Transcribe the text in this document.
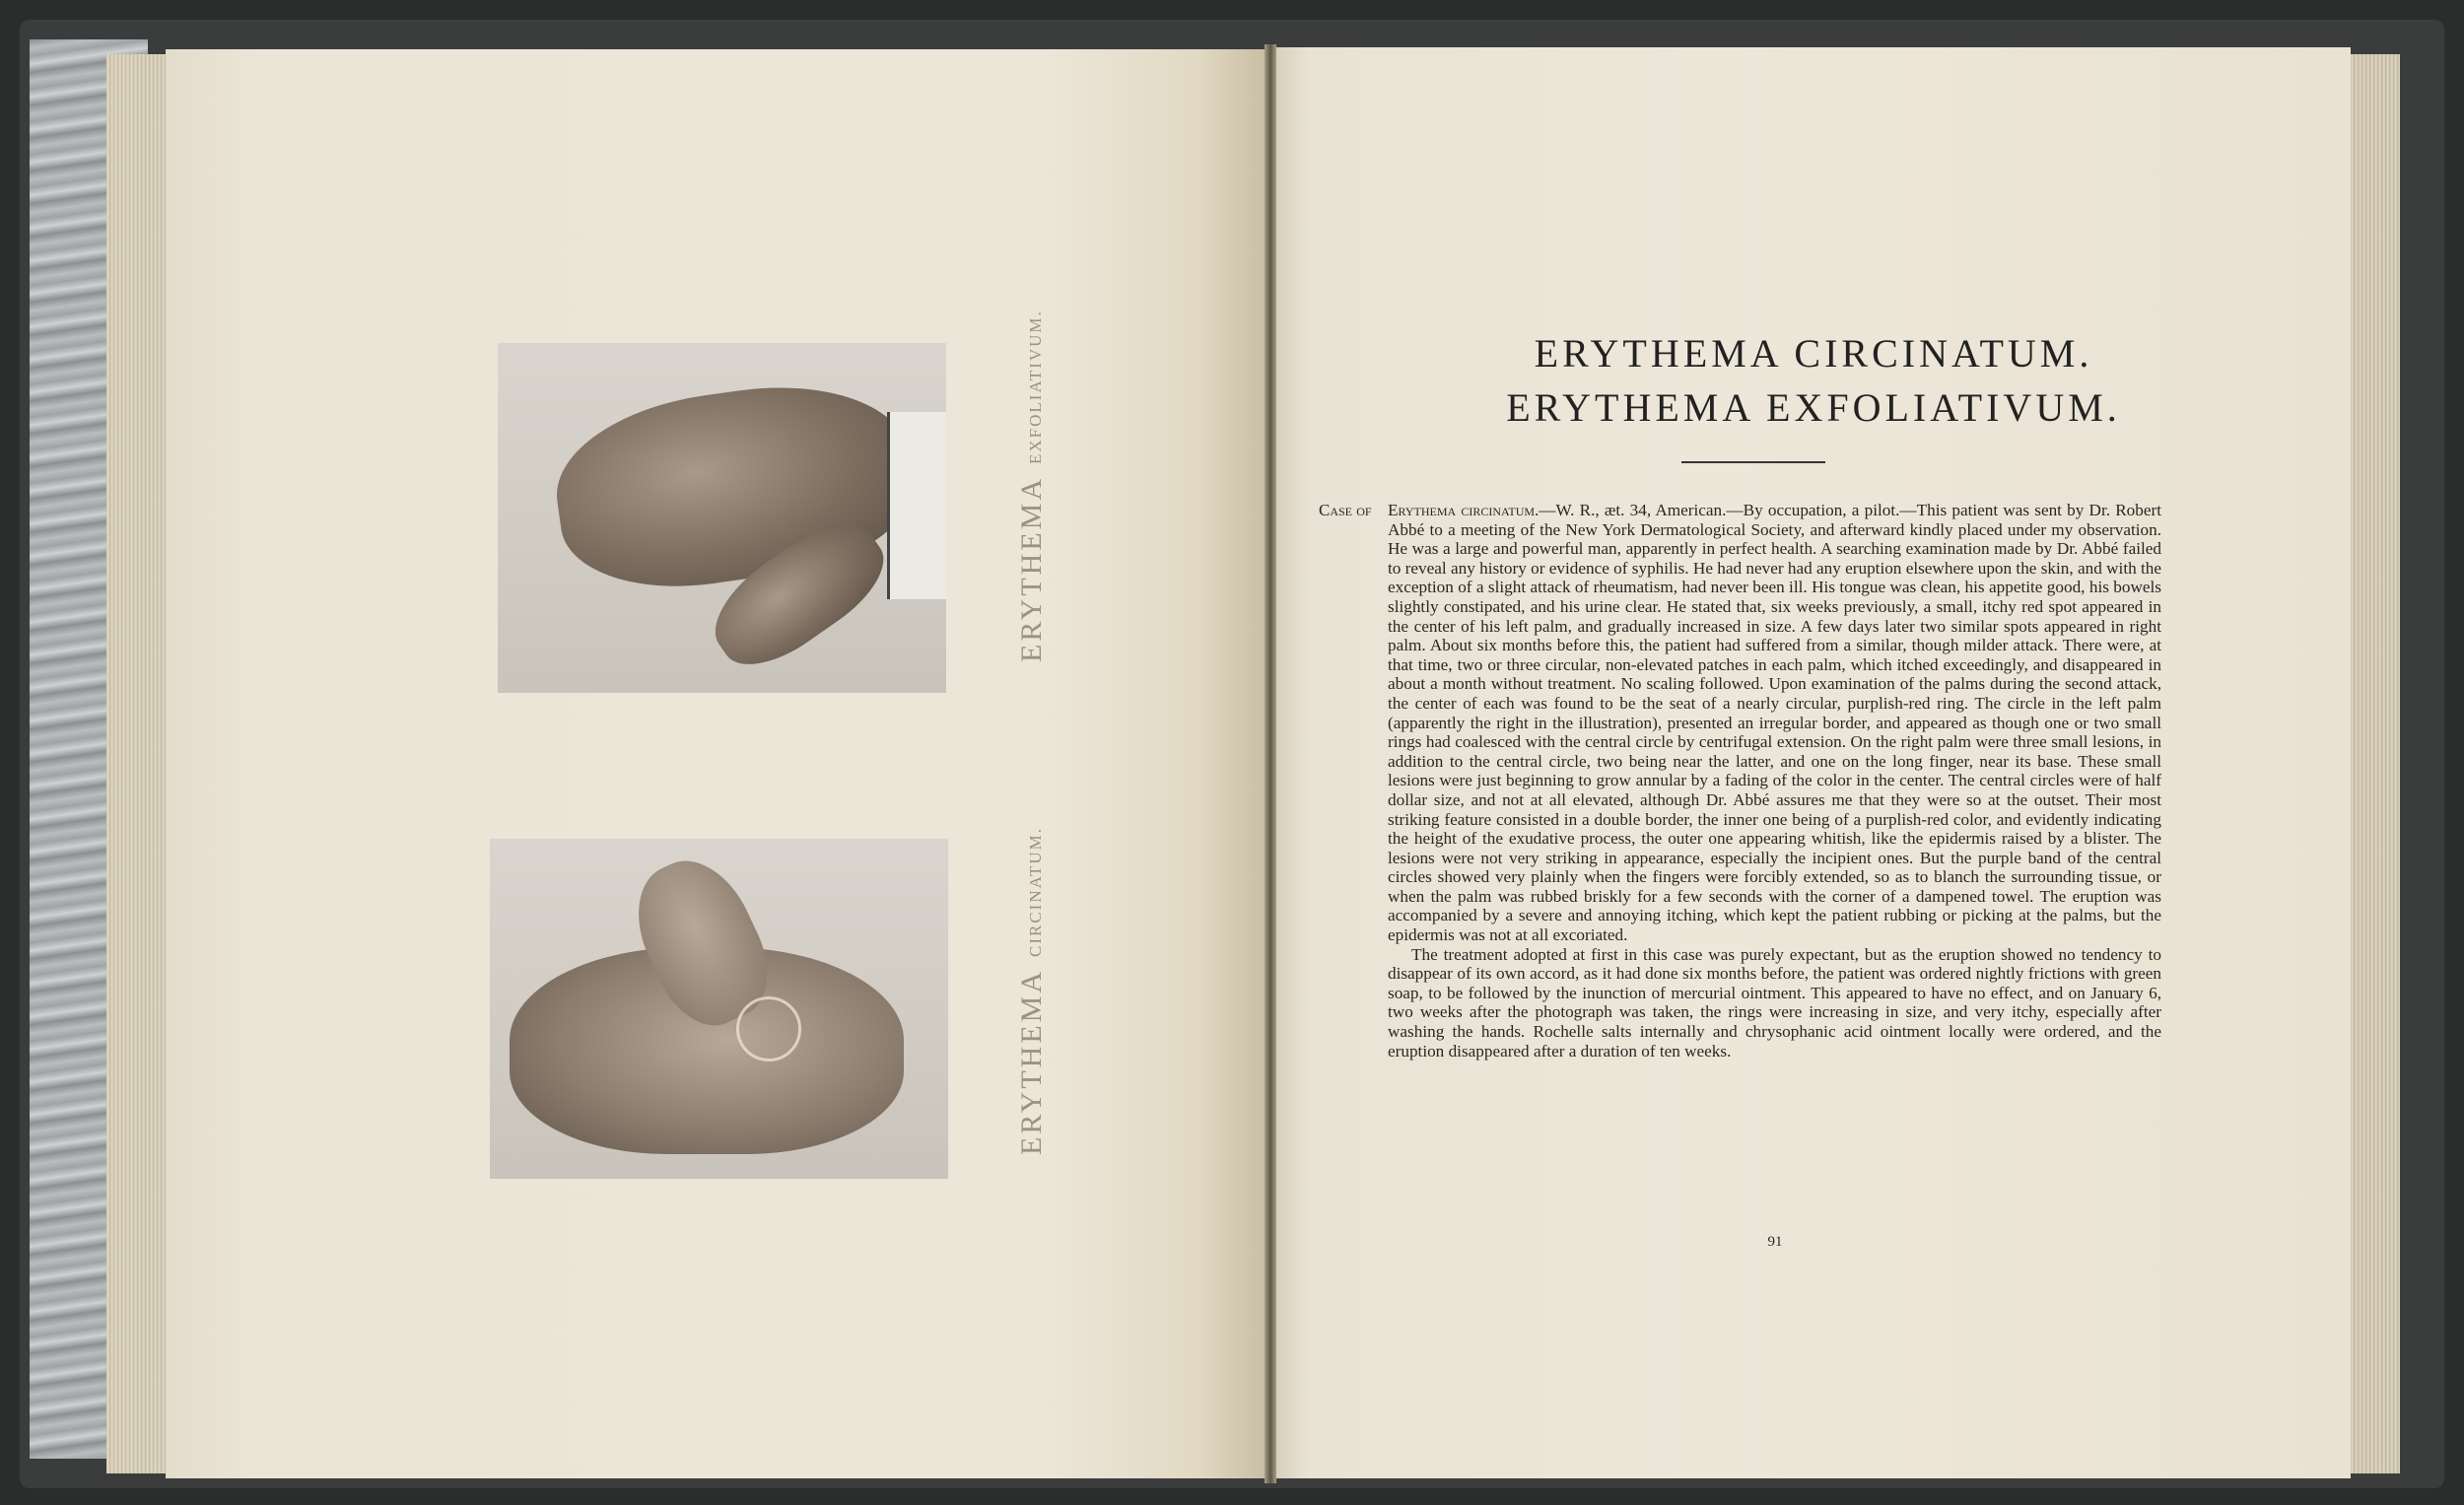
ERYTHEMAEXFOLIATIVUM.
ERYTHEMACIRCINATUM.
ERYTHEMA CIRCINATUM.
ERYTHEMA EXFOLIATIVUM.
Case of Erythema circinatum.—W. R., æt. 34, American.—By occupation, a pilot.—This patient was sent by Dr. Robert Abbé to a meeting of the New York Dermatological Society, and afterward kindly placed under my observation. He was a large and powerful man, apparently in perfect health. A searching examination made by Dr. Abbé failed to reveal any history or evidence of syphilis. He had never had any eruption elsewhere upon the skin, and with the exception of a slight attack of rheumatism, had never been ill. His tongue was clean, his appetite good, his bowels slightly constipated, and his urine clear. He stated that, six weeks previously, a small, itchy red spot appeared in the center of his left palm, and gradually increased in size. A few days later two similar spots appeared in right palm. About six months before this, the patient had suffered from a similar, though milder attack. There were, at that time, two or three circular, non-elevated patches in each palm, which itched exceedingly, and disappeared in about a month without treatment. No scaling followed. Upon examination of the palms during the second attack, the center of each was found to be the seat of a nearly circular, purplish-red ring. The circle in the left palm (apparently the right in the illustration), presented an irregular border, and appeared as though one or two small rings had coalesced with the central circle by centrifugal extension. On the right palm were three small lesions, in addition to the central circle, two being near the latter, and one on the long finger, near its base. These small lesions were just beginning to grow annular by a fading of the color in the center. The central circles were of half dollar size, and not at all elevated, although Dr. Abbé assures me that they were so at the outset. Their most striking feature consisted in a double border, the inner one being of a purplish-red color, and evidently indicating the height of the exudative process, the outer one appearing whitish, like the epidermis raised by a blister. The lesions were not very striking in appearance, especially the incipient ones. But the purple band of the central circles showed very plainly when the fingers were forcibly extended, so as to blanch the surrounding tissue, or when the palm was rubbed briskly for a few seconds with the corner of a dampened towel. The eruption was accompanied by a severe and annoying itching, which kept the patient rubbing or picking at the palms, but the epidermis was not at all excoriated.

The treatment adopted at first in this case was purely expectant, but as the eruption showed no tendency to disappear of its own accord, as it had done six months before, the patient was ordered nightly frictions with green soap, to be followed by the inunction of mercurial ointment. This appeared to have no effect, and on January 6, two weeks after the photograph was taken, the rings were increasing in size, and very itchy, especially after washing the hands. Rochelle salts internally and chrysophanic acid ointment locally were ordered, and the eruption disappeared after a duration of ten weeks.

91
